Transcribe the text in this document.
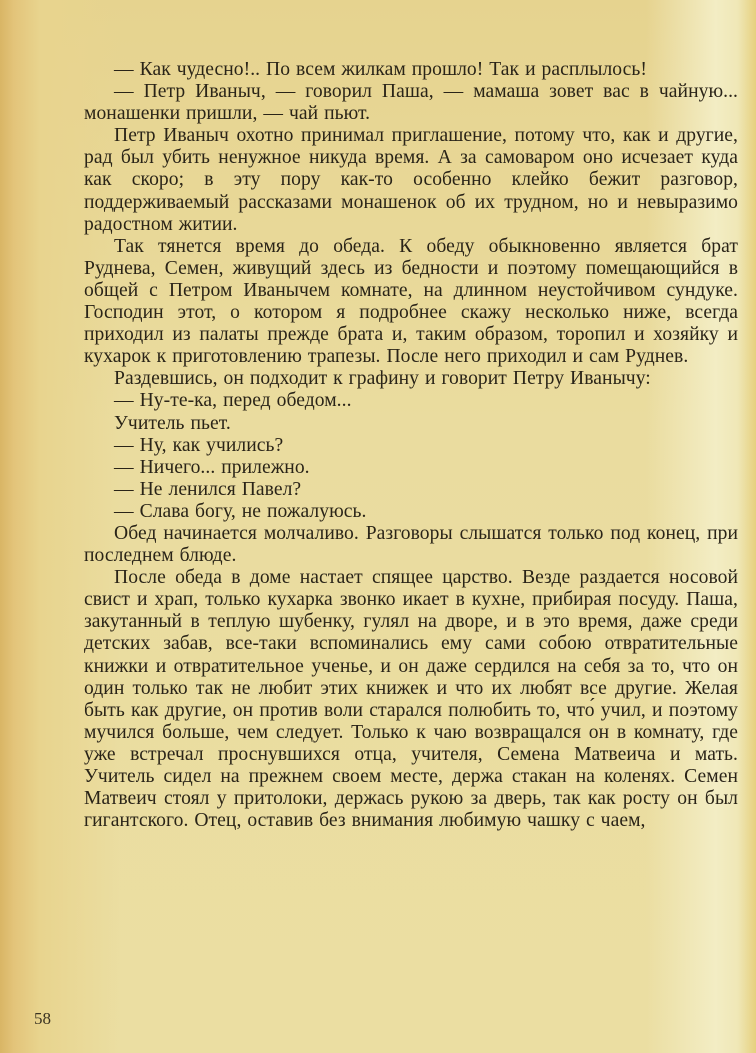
— Как чудесно!.. По всем жилкам прошло! Так и расплылось!

— Петр Иваныч, — говорил Паша, — мамаша зовет вас в чайную... монашенки пришли, — чай пьют.

Петр Иваныч охотно принимал приглашение, потому что, как и другие, рад был убить ненужное никуда время. А за самоваром оно исчезает куда как скоро; в эту пору как-то особенно клейко бежит разговор, поддерживаемый рассказами монашенок об их трудном, но и невыразимо радостном житии.

Так тянется время до обеда. К обеду обыкновенно является брат Руднева, Семен, живущий здесь из бедности и поэтому помещающийся в общей с Петром Иванычем комнате, на длинном неустойчивом сундуке. Господин этот, о котором я подробнее скажу несколько ниже, всегда приходил из палаты прежде брата и, таким образом, торопил и хозяйку и кухарок к приготовлению трапезы. После него приходил и сам Руднев.

Раздевшись, он подходит к графину и говорит Петру Иванычу:

— Ну-те-ка, перед обедом...

Учитель пьет.

— Ну, как учились?

— Ничего... прилежно.

— Не ленился Павел?

— Слава богу, не пожалуюсь.

Обед начинается молчаливо. Разговоры слышатся только под конец, при последнем блюде.

После обеда в доме настает спящее царство. Везде раздается носовой свист и храп, только кухарка звонко икает в кухне, прибирая посуду. Паша, закутанный в теплую шубенку, гулял на дворе, и в это время, даже среди детских забав, все-таки вспоминались ему сами собою отвратительные книжки и отвратительное ученье, и он даже сердился на себя за то, что он один только так не любит этих книжек и что их любят все другие. Желая быть как другие, он против воли старался полюбить то, что́ учил, и поэтому мучился больше, чем следует. Только к чаю возвращался он в комнату, где уже встречал проснувшихся отца, учителя, Семена Матвеича и мать. Учитель сидел на прежнем своем месте, держа стакан на коленях. Семен Матвеич стоял у притолоки, держась рукою за дверь, так как росту он был гигантского. Отец, оставив без внимания любимую чашку с чаем,

58
